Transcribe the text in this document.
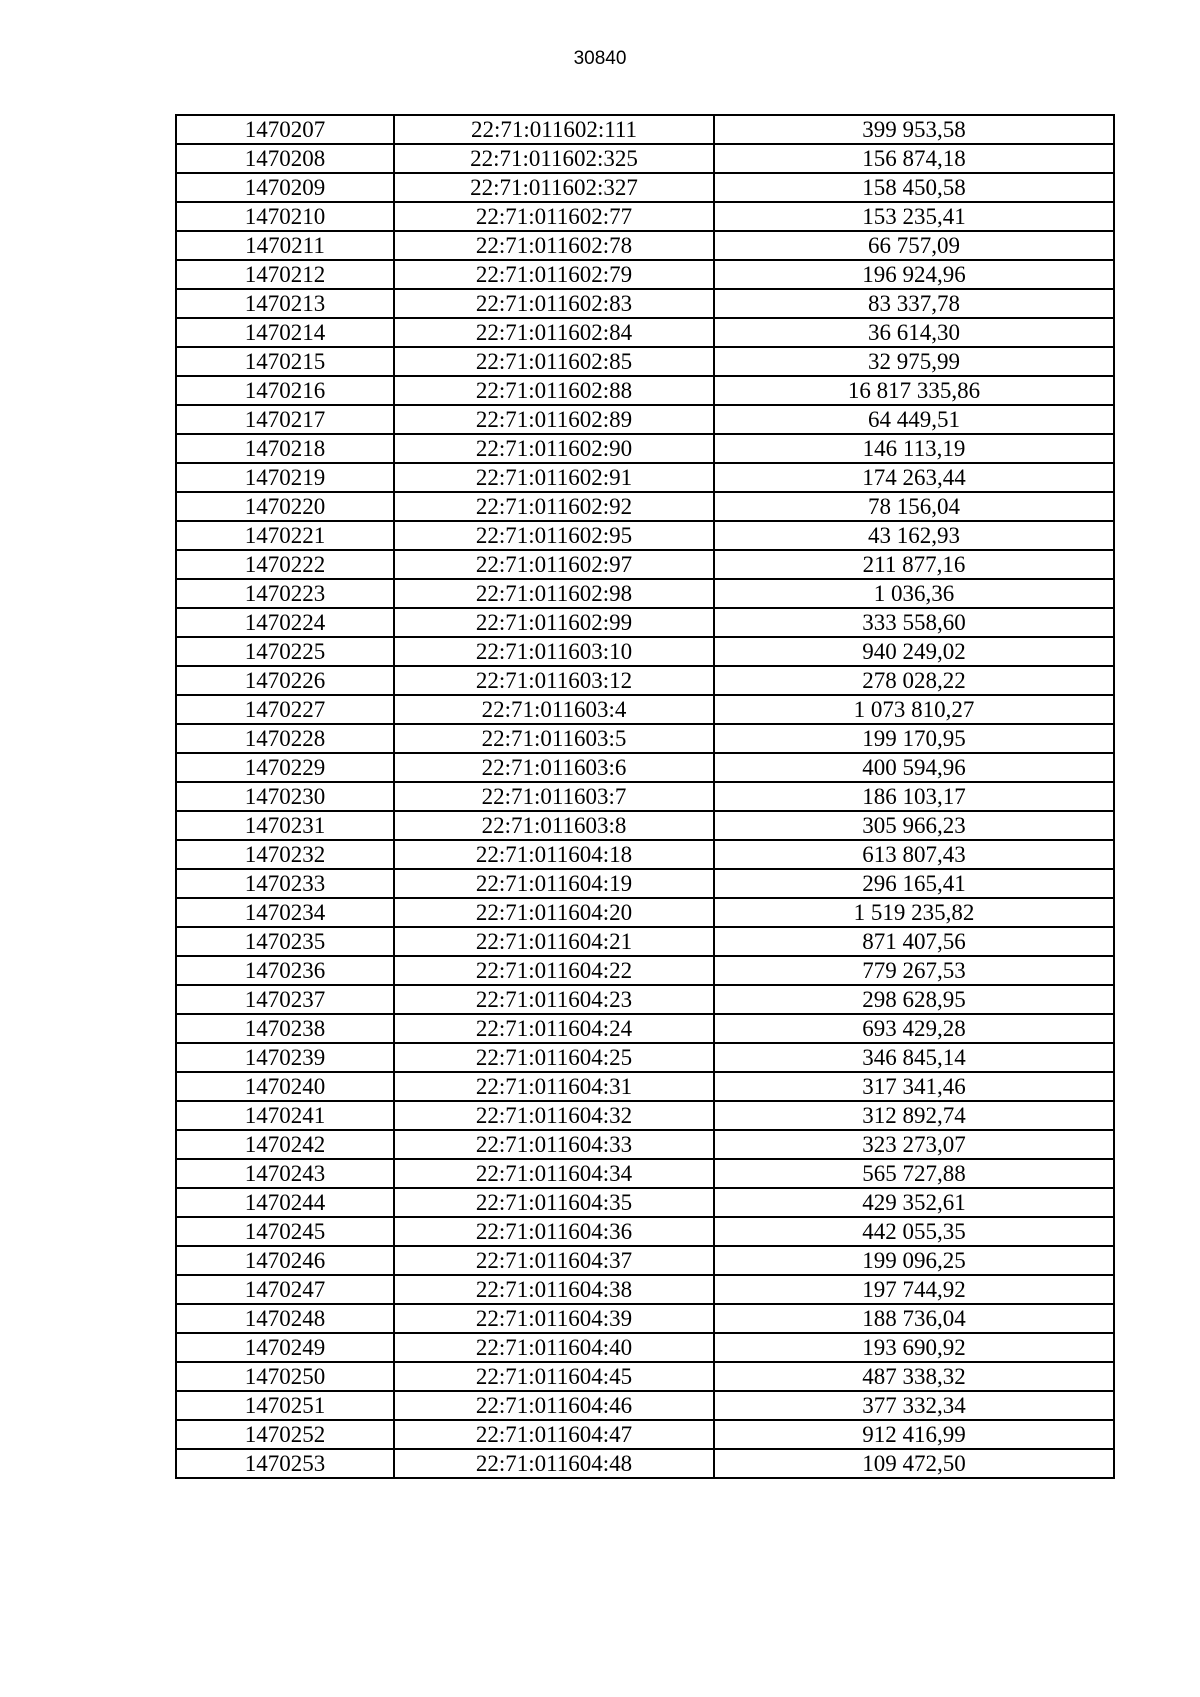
30840
1470207	22:71:011602:111	399 953,58
1470208	22:71:011602:325	156 874,18
1470209	22:71:011602:327	158 450,58
1470210	22:71:011602:77	153 235,41
1470211	22:71:011602:78	66 757,09
1470212	22:71:011602:79	196 924,96
1470213	22:71:011602:83	83 337,78
1470214	22:71:011602:84	36 614,30
1470215	22:71:011602:85	32 975,99
1470216	22:71:011602:88	16 817 335,86
1470217	22:71:011602:89	64 449,51
1470218	22:71:011602:90	146 113,19
1470219	22:71:011602:91	174 263,44
1470220	22:71:011602:92	78 156,04
1470221	22:71:011602:95	43 162,93
1470222	22:71:011602:97	211 877,16
1470223	22:71:011602:98	1 036,36
1470224	22:71:011602:99	333 558,60
1470225	22:71:011603:10	940 249,02
1470226	22:71:011603:12	278 028,22
1470227	22:71:011603:4	1 073 810,27
1470228	22:71:011603:5	199 170,95
1470229	22:71:011603:6	400 594,96
1470230	22:71:011603:7	186 103,17
1470231	22:71:011603:8	305 966,23
1470232	22:71:011604:18	613 807,43
1470233	22:71:011604:19	296 165,41
1470234	22:71:011604:20	1 519 235,82
1470235	22:71:011604:21	871 407,56
1470236	22:71:011604:22	779 267,53
1470237	22:71:011604:23	298 628,95
1470238	22:71:011604:24	693 429,28
1470239	22:71:011604:25	346 845,14
1470240	22:71:011604:31	317 341,46
1470241	22:71:011604:32	312 892,74
1470242	22:71:011604:33	323 273,07
1470243	22:71:011604:34	565 727,88
1470244	22:71:011604:35	429 352,61
1470245	22:71:011604:36	442 055,35
1470246	22:71:011604:37	199 096,25
1470247	22:71:011604:38	197 744,92
1470248	22:71:011604:39	188 736,04
1470249	22:71:011604:40	193 690,92
1470250	22:71:011604:45	487 338,32
1470251	22:71:011604:46	377 332,34
1470252	22:71:011604:47	912 416,99
1470253	22:71:011604:48	109 472,50
